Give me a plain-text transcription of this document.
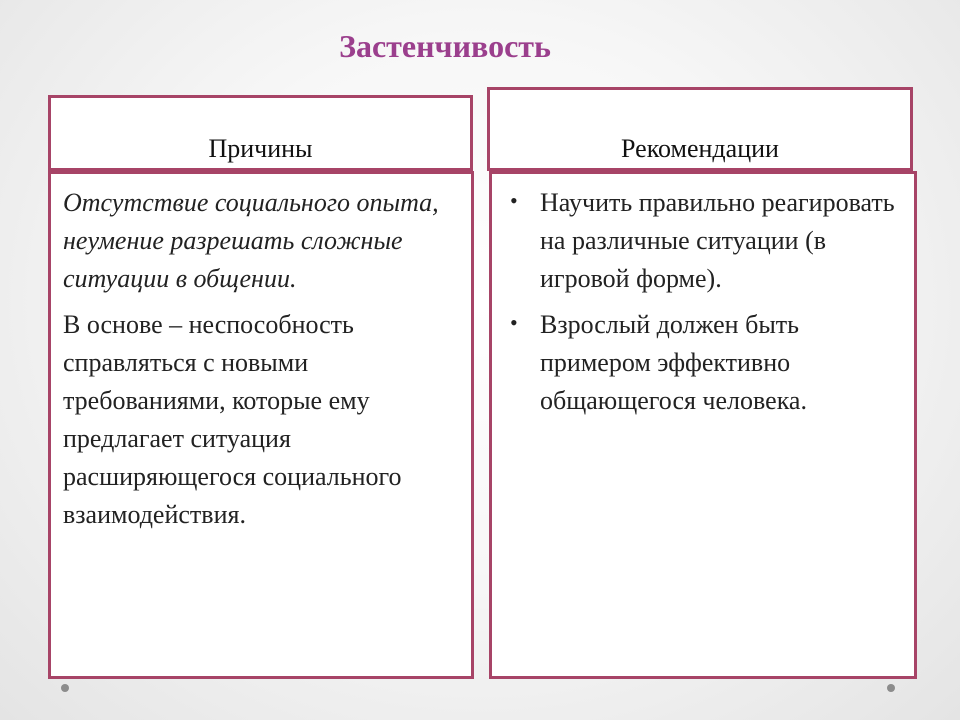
Застенчивость
Причины	Рекомендации

Отсутствие социального опыта, неумение разрешать сложные ситуации в общении.

В основе – неспособность справляться с новыми требованиями, которые ему предлагает ситуация расширяющегося социального взаимодействия.

• Научить правильно реагировать на различные ситуации (в игровой форме).
• Взрослый должен быть примером эффективно общающегося человека.
